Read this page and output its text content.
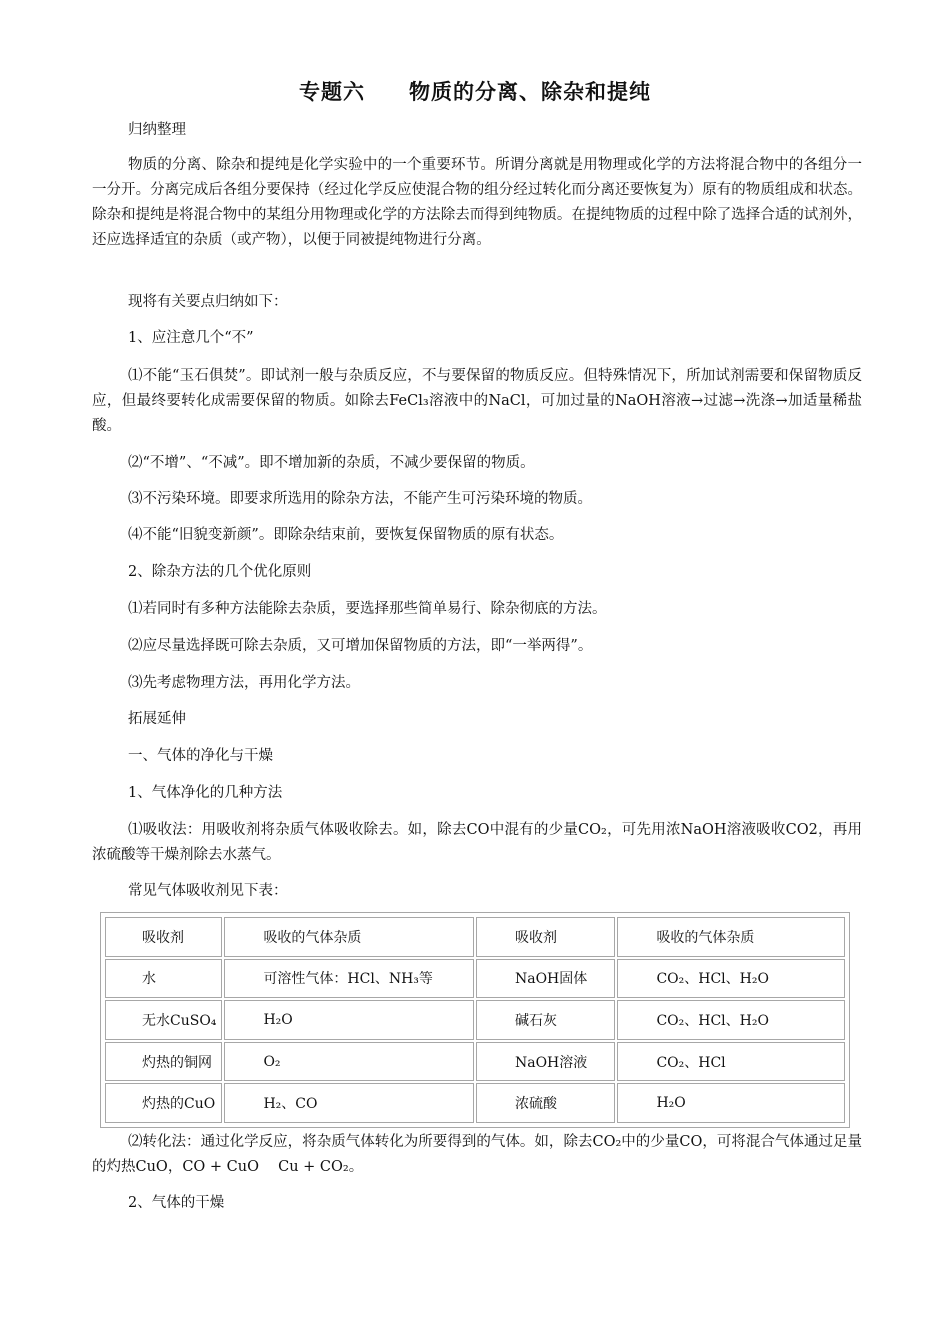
专题六　　物质的分离、除杂和提纯

归纳整理

物质的分离、除杂和提纯是化学实验中的一个重要环节。所谓分离就是用物理或化学的方法将混合物中的各组分一一分开。分离完成后各组分要保持（经过化学反应使混合物的组分经过转化而分离还要恢复为）原有的物质组成和状态。除杂和提纯是将混合物中的某组分用物理或化学的方法除去而得到纯物质。在提纯物质的过程中除了选择合适的试剂外，还应选择适宜的杂质（或产物），以便于同被提纯物进行分离。

现将有关要点归纳如下：

1、应注意几个“不”

⑴不能“玉石俱焚”。即试剂一般与杂质反应，不与要保留的物质反应。但特殊情况下，所加试剂需要和保留物质反应，但最终要转化成需要保留的物质。如除去FeCl₃溶液中的NaCl，可加过量的NaOH溶液→过滤→洗涤→加适量稀盐酸。

⑵“不增”、“不减”。即不增加新的杂质，不减少要保留的物质。

⑶不污染环境。即要求所选用的除杂方法，不能产生可污染环境的物质。

⑷不能“旧貌变新颜”。即除杂结束前，要恢复保留物质的原有状态。

2、除杂方法的几个优化原则

⑴若同时有多种方法能除去杂质，要选择那些简单易行、除杂彻底的方法。

⑵应尽量选择既可除去杂质，又可增加保留物质的方法，即“一举两得”。

⑶先考虑物理方法，再用化学方法。

拓展延伸

一、气体的净化与干燥

1、气体净化的几种方法

⑴吸收法：用吸收剂将杂质气体吸收除去。如，除去CO中混有的少量CO₂，可先用浓NaOH溶液吸收CO2，再用浓硫酸等干燥剂除去水蒸气。

常见气体吸收剂见下表：

吸收剂	吸收的气体杂质	吸收剂	吸收的气体杂质
水	可溶性气体：HCl、NH₃等	NaOH固体	CO₂、HCl、H₂O
无水CuSO₄	H₂O	碱石灰	CO₂、HCl、H₂O
灼热的铜网	O₂	NaOH溶液	CO₂、HCl
灼热的CuO	H₂、CO	浓硫酸	H₂O

⑵转化法：通过化学反应，将杂质气体转化为所要得到的气体。如，除去CO₂中的少量CO，可将混合气体通过足量的灼热CuO，CO + CuO　 Cu + CO₂。

2、气体的干燥
